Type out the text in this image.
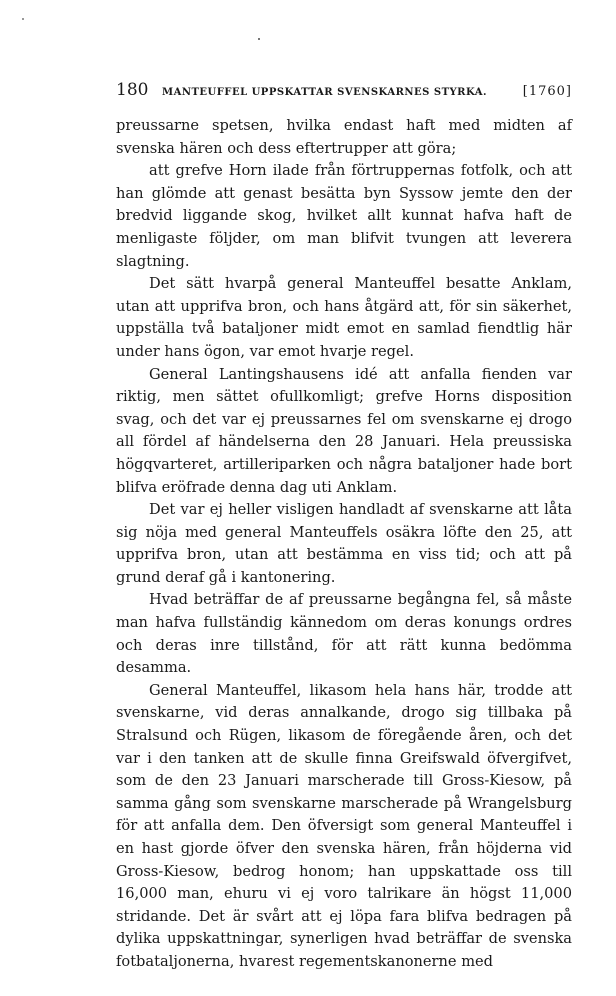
180	MANTEUFFEL UPPSKATTAR SVENSKARNES STYRKA.	[1760]

preussarne spetsen, hvilka endast haft med midten af svenska hären och dess eftertrupper att göra;

att grefve Horn ilade från förtruppernas fotfolk, och att han glömde att genast besätta byn Syssow jemte den der bredvid liggande skog, hvilket allt kunnat hafva haft de menligaste följder, om man blifvit tvungen att leverera slagtning.

Det sätt hvarpå general Manteuffel besatte Anklam, utan att upprifva bron, och hans åtgärd att, för sin säkerhet, uppställa två bataljoner midt emot en samlad fiendtlig här under hans ögon, var emot hvarje regel.

General Lantingshausens idé att anfalla fienden var riktig, men sättet ofullkomligt; grefve Horns disposition svag, och det var ej preussarnes fel om svenskarne ej drogo all fördel af händelserna den 28 Januari. Hela preussiska högqvarteret, artilleriparken och några bataljoner hade bort blifva eröfrade denna dag uti Anklam.

Det var ej heller visligen handladt af svenskarne att låta sig nöja med general Manteuffels osäkra löfte den 25, att upprifva bron, utan att bestämma en viss tid; och att på grund deraf gå i kantonering.

Hvad beträffar de af preussarne begångna fel, så måste man hafva fullständig kännedom om deras konungs ordres och deras inre tillstånd, för att rätt kunna bedömma desamma.

General Manteuffel, likasom hela hans här, trodde att svenskarne, vid deras annalkande, drogo sig tillbaka på Stralsund och Rügen, likasom de föregående åren, och det var i den tanken att de skulle finna Greifswald öfvergifvet, som de den 23 Januari marscherade till Gross-Kiesow, på samma gång som svenskarne marscherade på Wrangelsburg för att anfalla dem. Den öfversigt som general Manteuffel i en hast gjorde öfver den svenska hären, från höjderna vid Gross-Kiesow, bedrog honom; han uppskattade oss till 16,000 man, ehuru vi ej voro talrikare än högst 11,000 stridande. Det är svårt att ej löpa fara blifva bedragen på dylika uppskattningar, synerligen hvad beträffar de svenska fotbataljonerna, hvarest regementskanonerne med
